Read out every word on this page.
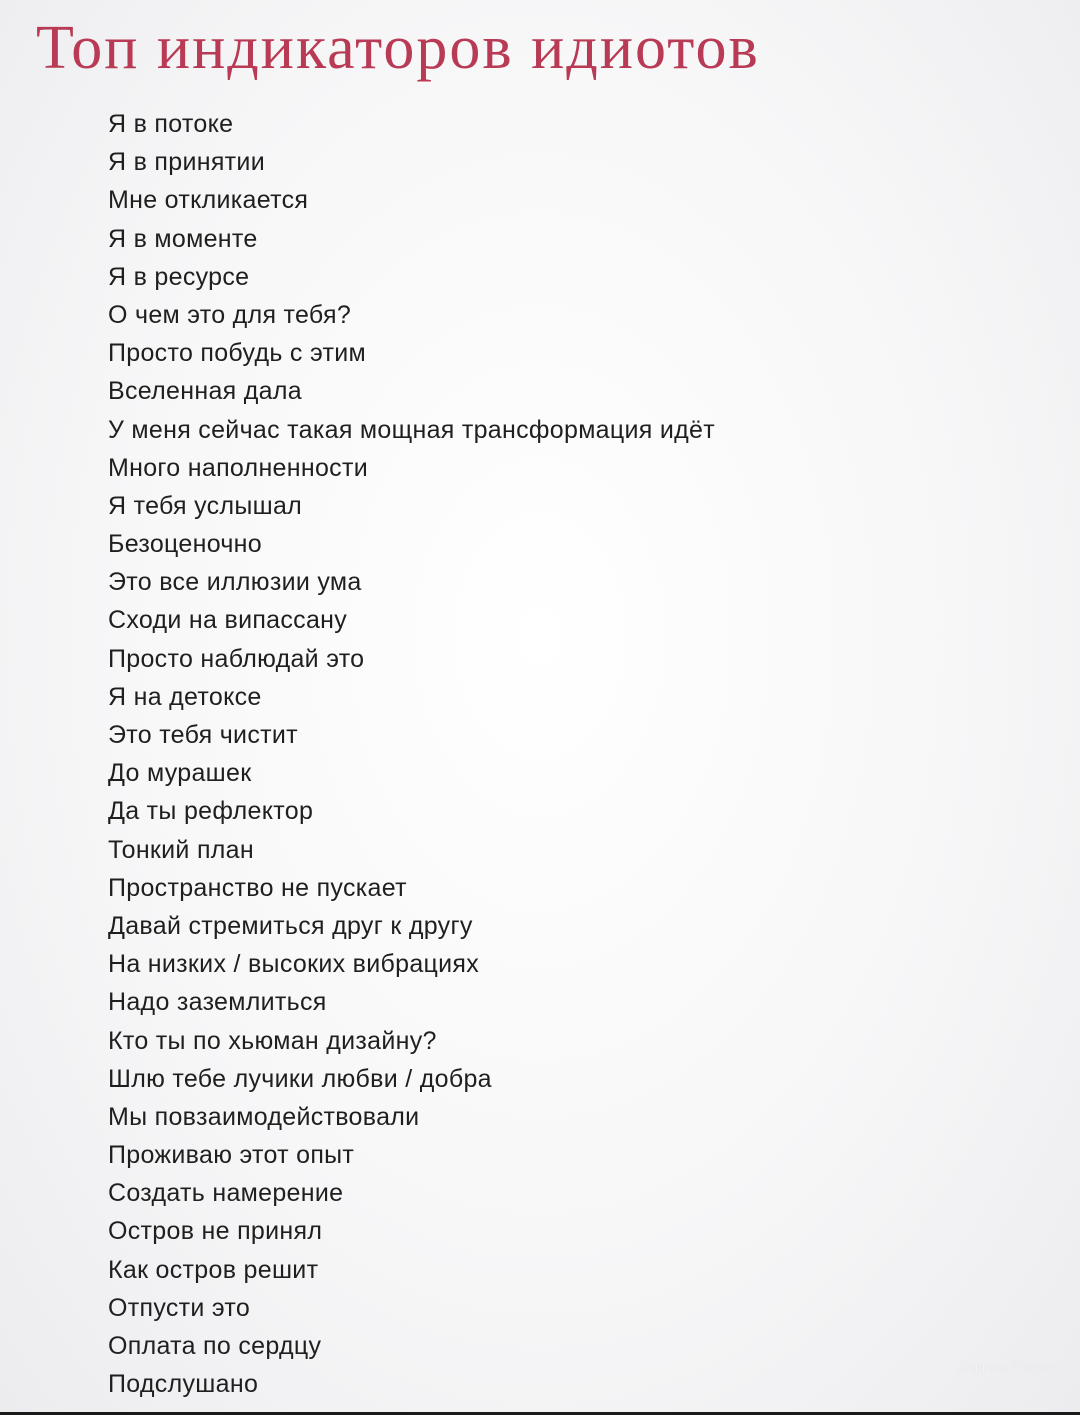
Топ индикаторов идиотов
Я в потоке
Я в принятии
Мне откликается
Я в моменте
Я в ресурсе
О чем это для тебя?
Просто побудь с этим
Вселенная дала
У меня сейчас такая мощная трансформация идёт
Много наполненности
Я тебя услышал
Безоценочно
Это все иллюзии ума
Сходи на випассану
Просто наблюдай это
Я на детоксе
Это тебя чистит
До мурашек
Да ты рефлектор
Тонкий план
Пространство не пускает
Давай стремиться друг к другу
На низких / высоких вибрациях
Надо заземлиться
Кто ты по хьюман дизайну?
Шлю тебе лучики любви / добра
Мы повзаимодействовали
Проживаю этот опыт
Создать намерение
Остров не принял
Как остров решит
Отпусти это
Оплата по сердцу
Подслушано
Харьков Форум
